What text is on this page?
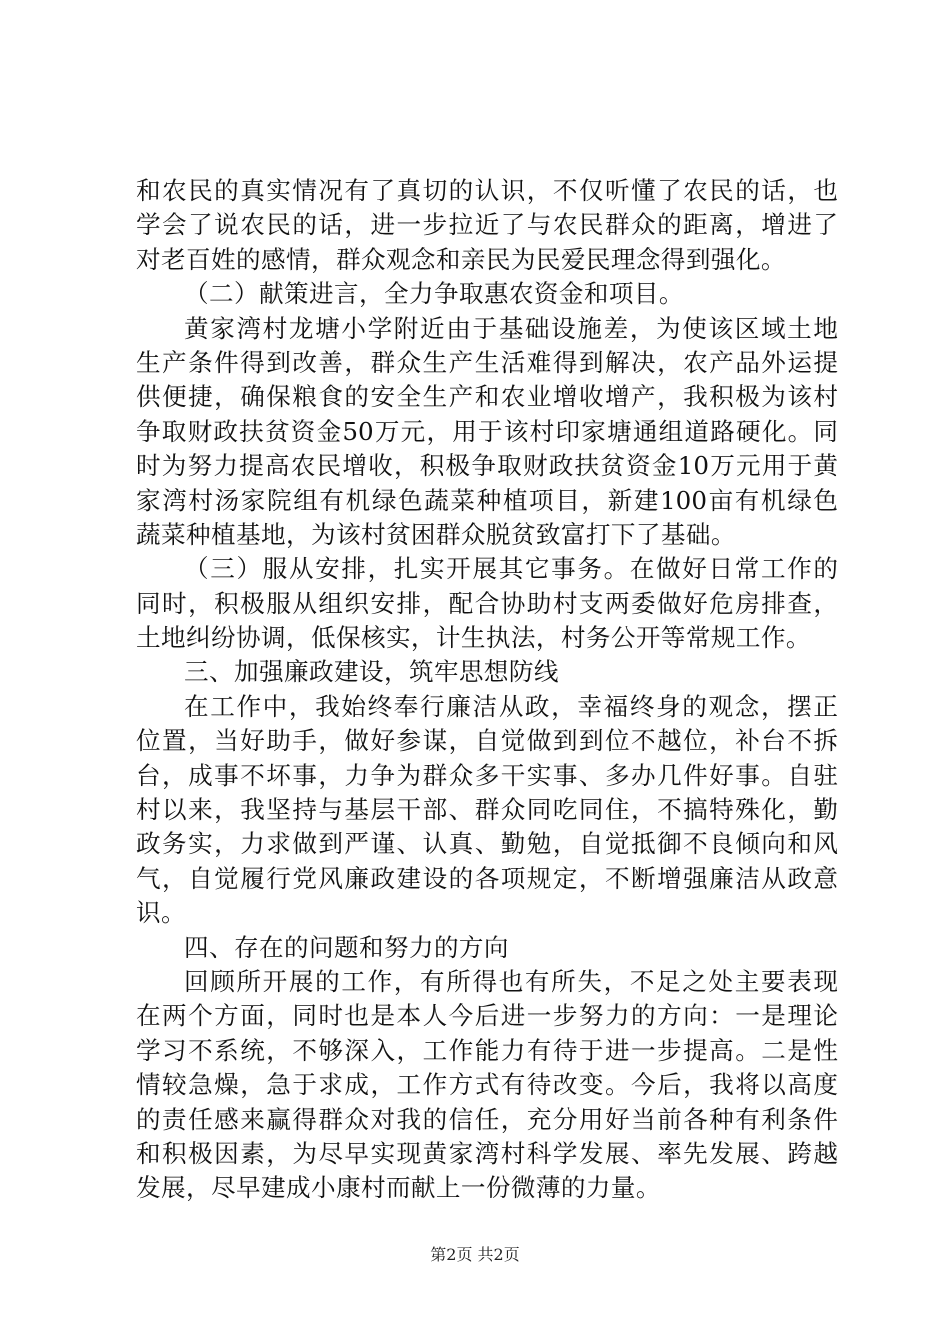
和农民的真实情况有了真切的认识，不仅听懂了农民的话，也
学会了说农民的话，进一步拉近了与农民群众的距离，增进了
对老百姓的感情，群众观念和亲民为民爱民理念得到强化。
（二）献策进言，全力争取惠农资金和项目。
黄家湾村龙塘小学附近由于基础设施差，为使该区域土地
生产条件得到改善，群众生产生活难得到解决，农产品外运提
供便捷，确保粮食的安全生产和农业增收增产，我积极为该村
争取财政扶贫资金50万元，用于该村印家塘通组道路硬化。同
时为努力提高农民增收，积极争取财政扶贫资金10万元用于黄
家湾村汤家院组有机绿色蔬菜种植项目，新建100亩有机绿色
蔬菜种植基地，为该村贫困群众脱贫致富打下了基础。
（三）服从安排，扎实开展其它事务。在做好日常工作的
同时，积极服从组织安排，配合协助村支两委做好危房排查，
土地纠纷协调，低保核实，计生执法，村务公开等常规工作。
三、加强廉政建设，筑牢思想防线
在工作中，我始终奉行廉洁从政，幸福终身的观念，摆正
位置，当好助手，做好参谋，自觉做到到位不越位，补台不拆
台，成事不坏事，力争为群众多干实事、多办几件好事。自驻
村以来，我坚持与基层干部、群众同吃同住，不搞特殊化，勤
政务实，力求做到严谨、认真、勤勉，自觉抵御不良倾向和风
气，自觉履行党风廉政建设的各项规定，不断增强廉洁从政意
识。
四、存在的问题和努力的方向
回顾所开展的工作，有所得也有所失，不足之处主要表现
在两个方面，同时也是本人今后进一步努力的方向：一是理论
学习不系统，不够深入，工作能力有待于进一步提高。二是性
情较急燥，急于求成，工作方式有待改变。今后，我将以高度
的责任感来赢得群众对我的信任，充分用好当前各种有利条件
和积极因素，为尽早实现黄家湾村科学发展、率先发展、跨越
发展，尽早建成小康村而献上一份微薄的力量。
第2页 共2页
